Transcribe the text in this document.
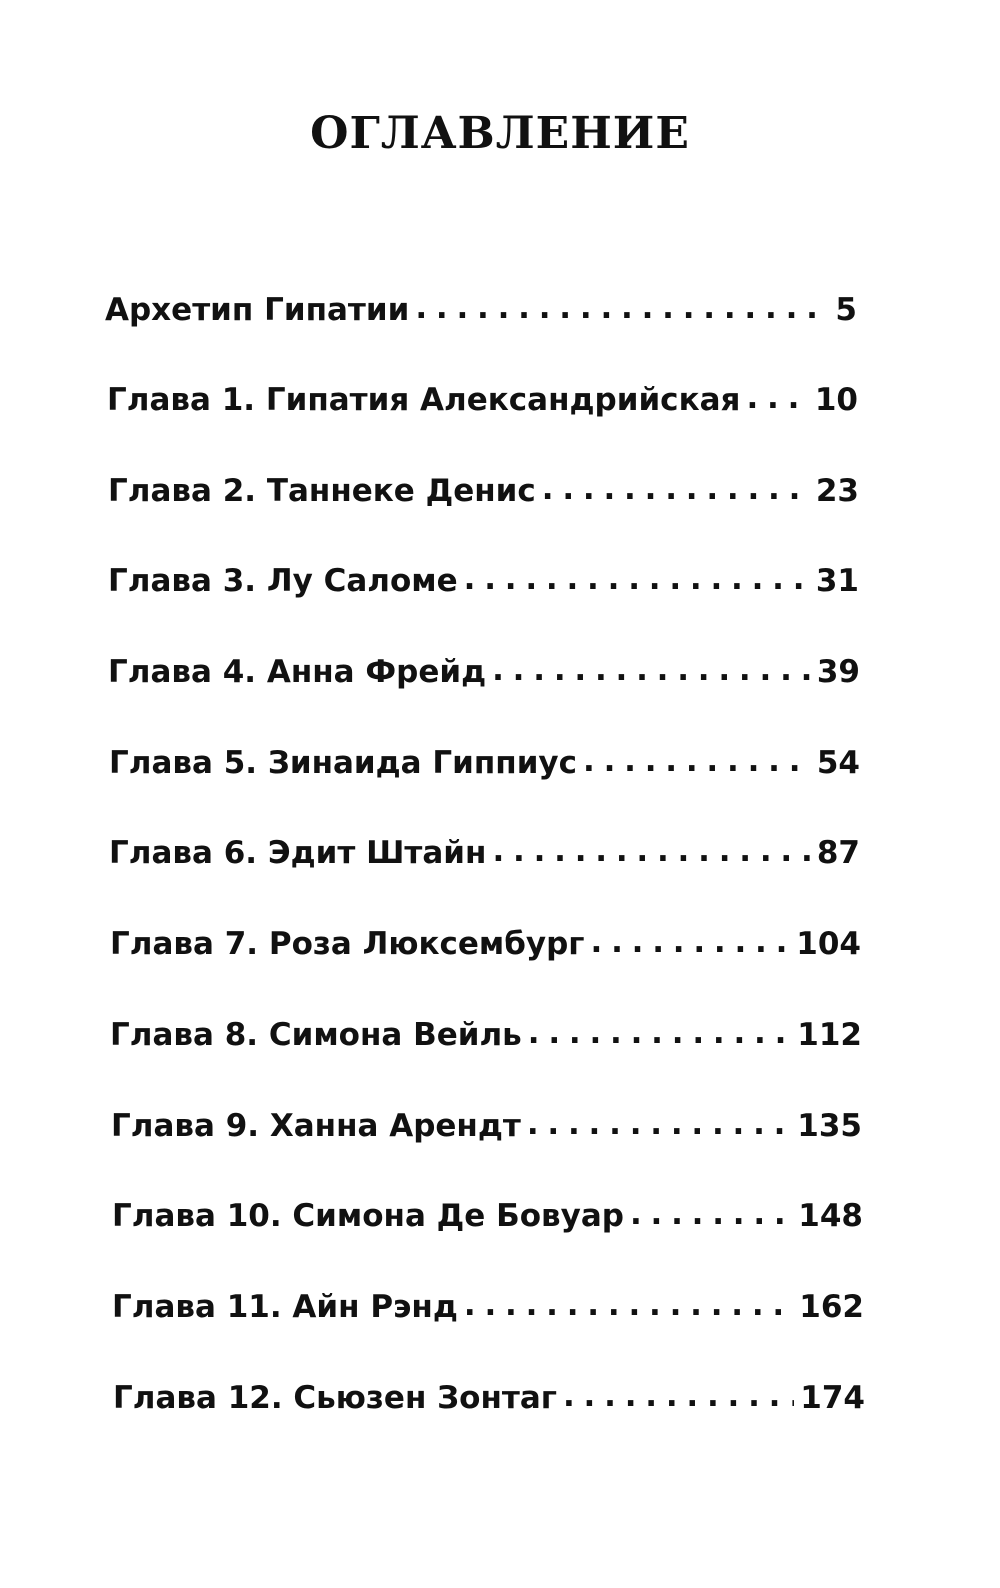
ОГЛАВЛЕНИЕ
Архетип Гипатии . . .	5
Глава 1. Гипатия Александрийская . . . 10
Глава 2. Таннеке Денис . . .	23
Глава 3. Лу Саломе . . .	31
Глава 4. Анна Фрейд . . .	39
Глава 5. Зинаида Гиппиус . . .	54
Глава 6. Эдит Штайн . . .	87
Глава 7. Роза Люксембург . . .	104
Глава 8. Симона Вейль . . .	112
Глава 9. Ханна Арендт . . .	135
Глава 10. Симона Де Бовуар . . .	148
Глава 11. Айн Рэнд . . .	162
Глава 12. Сьюзен Зонтаг . . .	174
